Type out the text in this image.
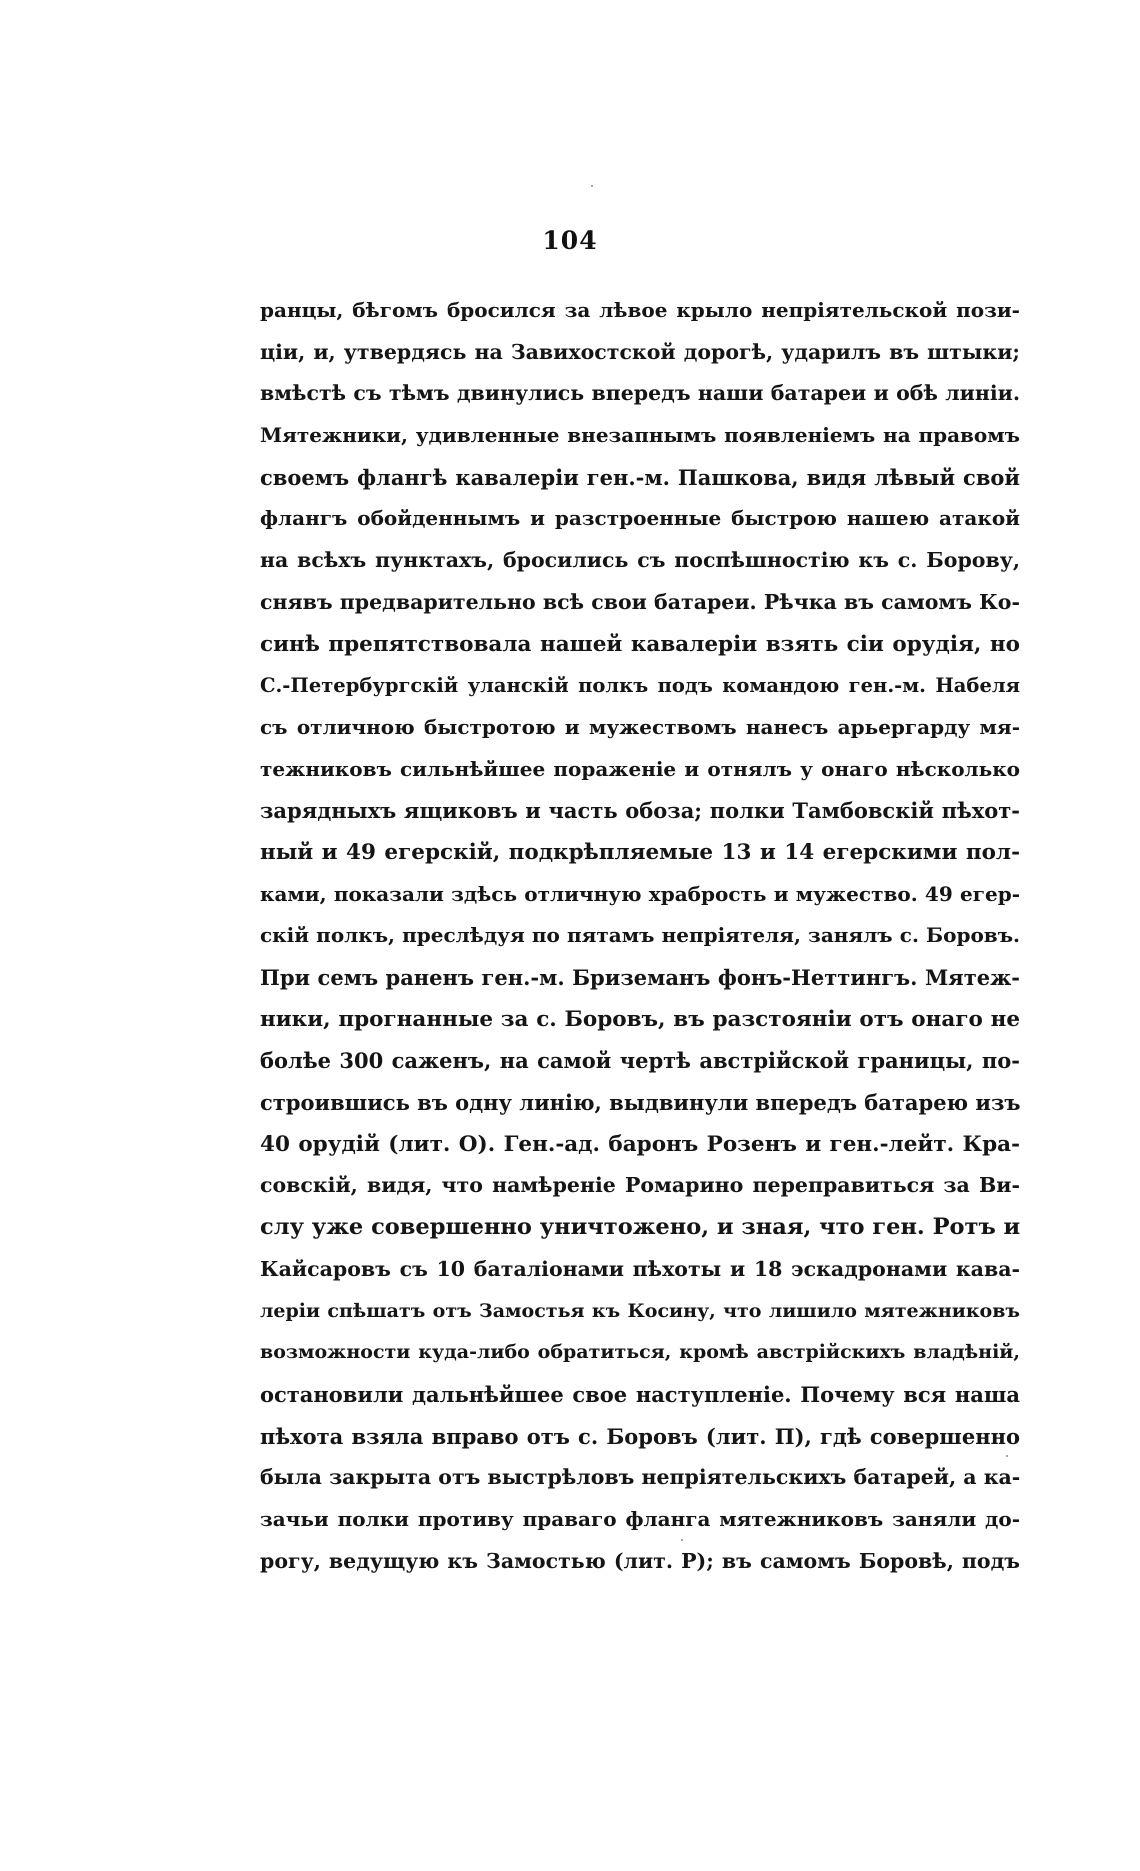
104
ранцы, бѣгомъ бросился за лѣвое крыло непріятельской пози-
ціи, и, утвердясь на Завихостской дорогѣ, ударилъ въ штыки;
вмѣстѣ съ тѣмъ двинулись впередъ наши батареи и обѣ линіи.
Мятежники, удивленные внезапнымъ появленіемъ на правомъ
своемъ флангѣ кавалеріи ген.-м. Пашкова, видя лѣвый свой
флангъ обойденнымъ и разстроенные быстрою нашею атакой
на всѣхъ пунктахъ, бросились съ поспѣшностію къ с. Борову,
снявъ предварительно всѣ свои батареи. Рѣчка въ самомъ Ко-
синѣ препятствовала нашей кавалеріи взять сіи орудія, но
С.-Петербургскій уланскій полкъ подъ командою ген.-м. Набеля
съ отличною быстротою и мужествомъ нанесъ арьергарду мя-
тежниковъ сильнѣйшее пораженіе и отнялъ у онаго нѣсколько
зарядныхъ ящиковъ и часть обоза; полки Тамбовскій пѣхот-
ный и 49 егерскій, подкрѣпляемые 13 и 14 егерскими пол-
ками, показали здѣсь отличную храбрость и мужество. 49 егер-
скій полкъ, преслѣдуя по пятамъ непріятеля, занялъ с. Боровъ.
При семъ раненъ ген.-м. Бриземанъ фонъ-Неттингъ. Мятеж-
ники, прогнанные за с. Боровъ, въ разстояніи отъ онаго не
болѣе 300 саженъ, на самой чертѣ австрійской границы, по-
строившись въ одну линію, выдвинули впередъ батарею изъ
40 орудій (лит. О). Ген.-ад. баронъ Розенъ и ген.-лейт. Кра-
совскій, видя, что намѣреніе Ромарино переправиться за Ви-
слу уже совершенно уничтожено, и зная, что ген. Ротъ и
Кайсаровъ съ 10 баталіонами пѣхоты и 18 эскадронами кава-
леріи спѣшатъ отъ Замостья къ Косину, что лишило мятежниковъ
возможности куда-либо обратиться, кромѣ австрійскихъ владѣній,
остановили дальнѣйшее свое наступленіе. Почему вся наша
пѣхота взяла вправо отъ с. Боровъ (лит. П), гдѣ совершенно
была закрыта отъ выстрѣловъ непріятельскихъ батарей, а ка-
зачьи полки противу праваго фланга мятежниковъ заняли до-
рогу, ведущую къ Замостью (лит. Р); въ самомъ Боровѣ, подъ
